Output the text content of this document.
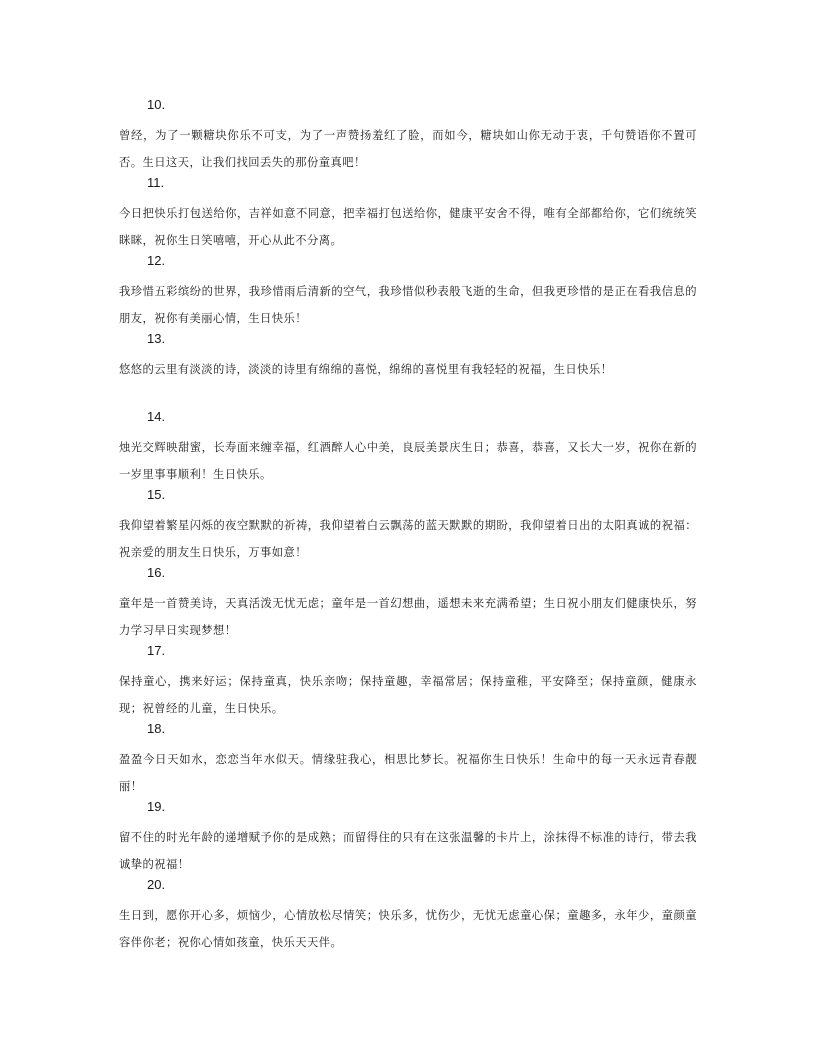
10.
曾经，为了一颗糖块你乐不可支，为了一声赞扬羞红了脸，而如今，糖块如山你无动于衷，千句赞语你不置可否。生日这天，让我们找回丢失的那份童真吧！
11.
今日把快乐打包送给你，吉祥如意不同意，把幸福打包送给你，健康平安舍不得，唯有全部都给你，它们统统笑眯眯，祝你生日笑嘻嘻，开心从此不分离。
12.
我珍惜五彩缤纷的世界，我珍惜雨后清新的空气，我珍惜似秒表般飞逝的生命，但我更珍惜的是正在看我信息的朋友，祝你有美丽心情，生日快乐！
13.
悠悠的云里有淡淡的诗，淡淡的诗里有绵绵的喜悦，绵绵的喜悦里有我轻轻的祝福，生日快乐！
14.
烛光交辉映甜蜜，长寿面来缠幸福，红酒醉人心中美，良辰美景庆生日；恭喜，恭喜，又长大一岁，祝你在新的一岁里事事顺利！生日快乐。
15.
我仰望着繁星闪烁的夜空默默的祈祷，我仰望着白云飘荡的蓝天默默的期盼，我仰望着日出的太阳真诚的祝福：祝亲爱的朋友生日快乐，万事如意！
16.
童年是一首赞美诗，天真活泼无忧无虑；童年是一首幻想曲，遥想未来充满希望；生日祝小朋友们健康快乐，努力学习早日实现梦想！
17.
保持童心，携来好运；保持童真，快乐亲吻；保持童趣，幸福常居；保持童稚，平安降至；保持童颜，健康永现；祝曾经的儿童，生日快乐。
18.
盈盈今日天如水，恋恋当年水似天。情缘驻我心，相思比梦长。祝福你生日快乐！生命中的每一天永远青春靓丽！
19.
留不住的时光年龄的递增赋予你的是成熟；而留得住的只有在这张温馨的卡片上，涂抹得不标准的诗行，带去我诚挚的祝福！
20.
生日到，愿你开心多，烦恼少，心情放松尽情笑；快乐多，忧伤少，无忧无虑童心保；童趣多，永年少，童颜童容伴你老；祝你心情如孩童，快乐天天伴。
